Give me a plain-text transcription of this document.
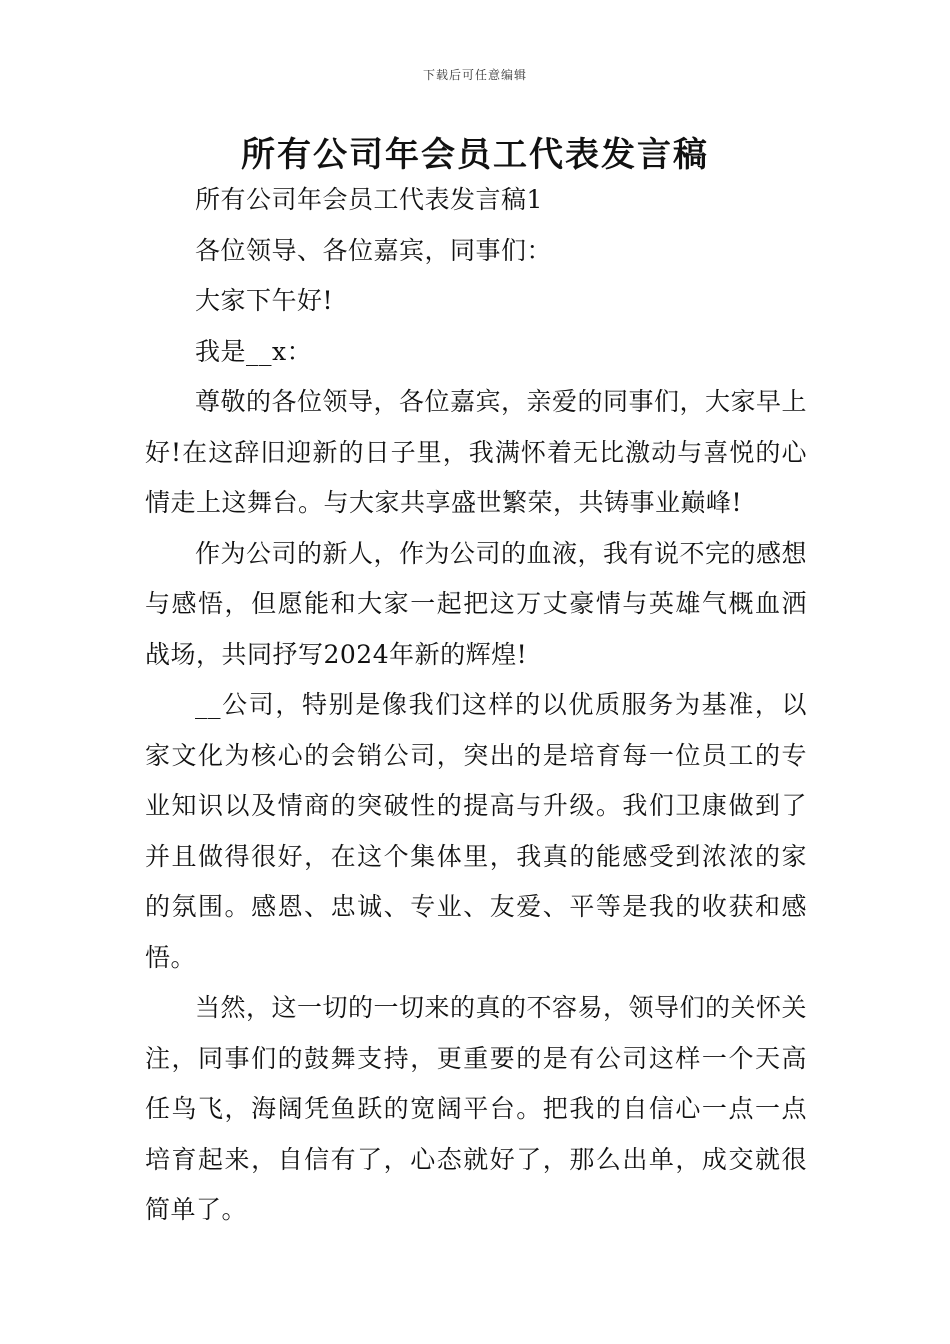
下载后可任意编辑
所有公司年会员工代表发言稿

所有公司年会员工代表发言稿1

各位领导、各位嘉宾，同事们：

大家下午好!

我是__x：

尊敬的各位领导，各位嘉宾，亲爱的同事们，大家早上好!在这辞旧迎新的日子里，我满怀着无比激动与喜悦的心情走上这舞台。与大家共享盛世繁荣，共铸事业巅峰!

作为公司的新人，作为公司的血液，我有说不完的感想与感悟，但愿能和大家一起把这万丈豪情与英雄气概血洒战场，共同抒写2024年新的辉煌!

__公司，特别是像我们这样的以优质服务为基准，以家文化为核心的会销公司，突出的是培育每一位员工的专业知识以及情商的突破性的提高与升级。我们卫康做到了并且做得很好，在这个集体里，我真的能感受到浓浓的家的氛围。感恩、忠诚、专业、友爱、平等是我的收获和感悟。

当然，这一切的一切来的真的不容易，领导们的关怀关注，同事们的鼓舞支持，更重要的是有公司这样一个天高任鸟飞，海阔凭鱼跃的宽阔平台。把我的自信心一点一点培育起来，自信有了，心态就好了，那么出单，成交就很简单了。
